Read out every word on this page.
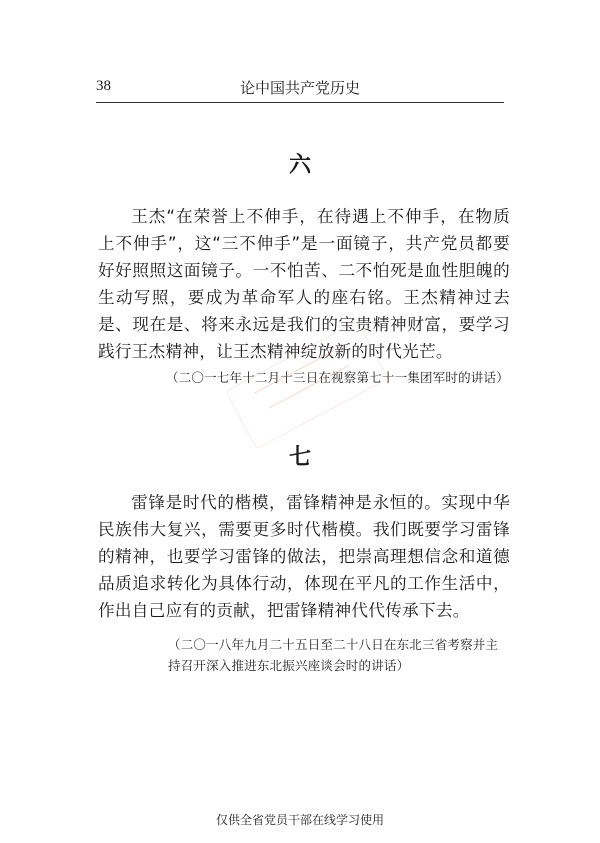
38	论中国共产党历史
六

王杰“在荣誉上不伸手，在待遇上不伸手，在物质上不伸手”，这“三不伸手”是一面镜子，共产党员都要好好照照这面镜子。一不怕苦、二不怕死是血性胆魄的生动写照，要成为革命军人的座右铭。王杰精神过去是、现在是、将来永远是我们的宝贵精神财富，要学习践行王杰精神，让王杰精神绽放新的时代光芒。

（二〇一七年十二月十三日在视察第七十一集团军时的讲话）

七

雷锋是时代的楷模，雷锋精神是永恒的。实现中华民族伟大复兴，需要更多时代楷模。我们既要学习雷锋的精神，也要学习雷锋的做法，把崇高理想信念和道德品质追求转化为具体行动，体现在平凡的工作生活中，作出自己应有的贡献，把雷锋精神代代传承下去。

（二〇一八年九月二十五日至二十八日在东北三省考察并主持召开深入推进东北振兴座谈会时的讲话）

仅供全省党员干部在线学习使用
